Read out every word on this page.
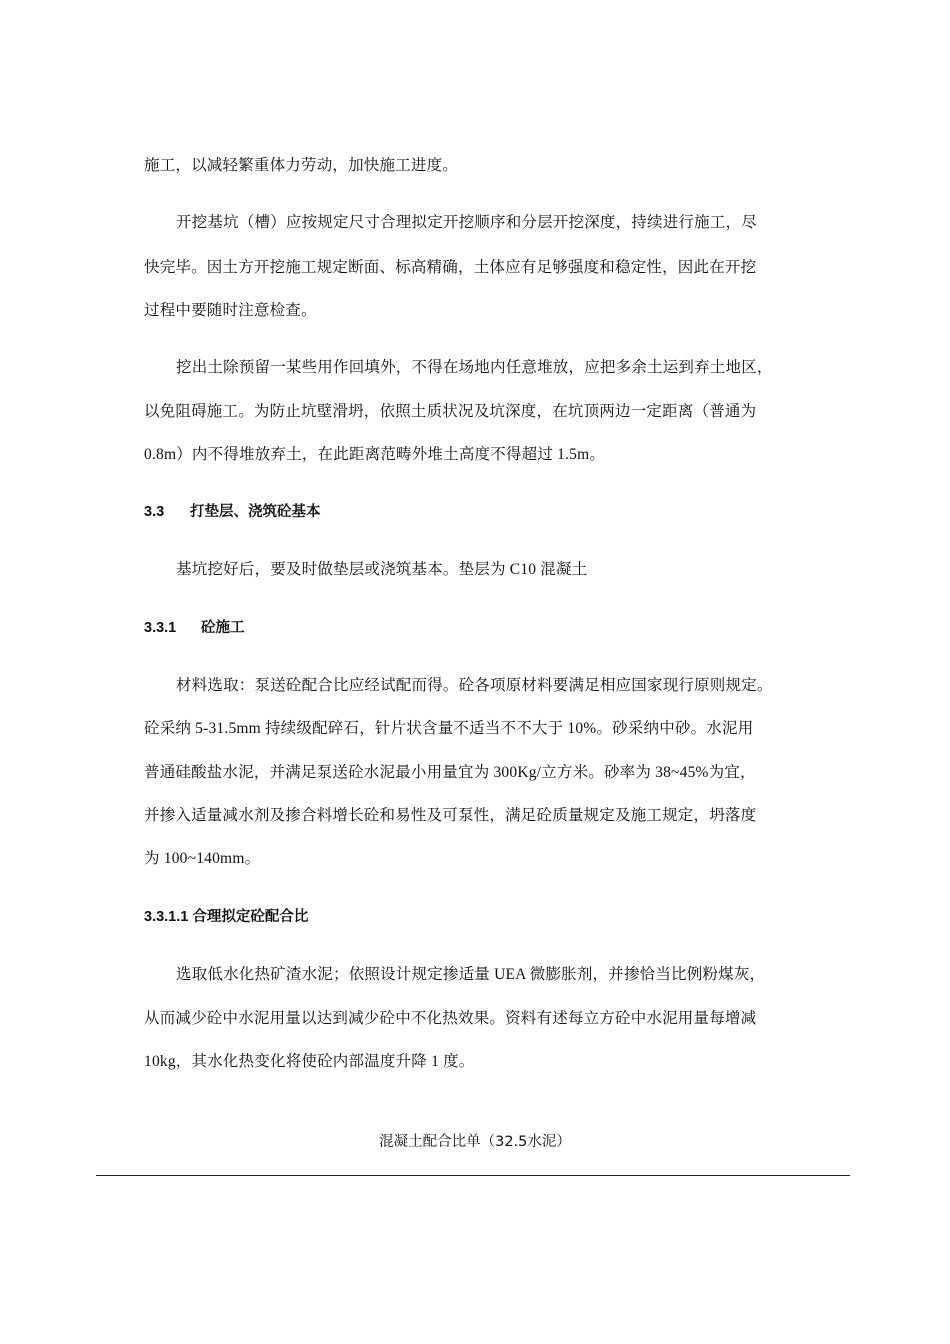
施工，以减轻繁重体力劳动，加快施工进度。
开挖基坑（槽）应按规定尺寸合理拟定开挖顺序和分层开挖深度，持续进行施工，尽
快完毕。因土方开挖施工规定断面、标高精确，土体应有足够强度和稳定性，因此在开挖
过程中要随时注意检查。
挖出土除预留一某些用作回填外，不得在场地内任意堆放，应把多余土运到弃土地区，
以免阻碍施工。为防止坑壁滑坍，依照土质状况及坑深度，在坑顶两边一定距离（普通为
0.8m）内不得堆放弃土，在此距离范畴外堆土高度不得超过 1.5m。
3.3 打垫层、浇筑砼基本
基坑挖好后，要及时做垫层或浇筑基本。垫层为 C10 混凝土
3.3.1 砼施工
材料选取：泵送砼配合比应经试配而得。砼各项原材料要满足相应国家现行原则规定。
砼采纳 5-31.5mm 持续级配碎石，针片状含量不适当不不大于 10%。砂采纳中砂。水泥用
普通硅酸盐水泥，并满足泵送砼水泥最小用量宜为 300Kg/立方米。砂率为 38~45%为宜，
并掺入适量减水剂及掺合料增长砼和易性及可泵性，满足砼质量规定及施工规定，坍落度
为 100~140mm。
3.3.1.1 合理拟定砼配合比
选取低水化热矿渣水泥；依照设计规定掺适量 UEA 微膨胀剂，并掺恰当比例粉煤灰，
从而减少砼中水泥用量以达到减少砼中不化热效果。资料有述每立方砼中水泥用量每增减
10kg，其水化热变化将使砼内部温度升降 1 度。
混凝土配合比单（32.5水泥）
